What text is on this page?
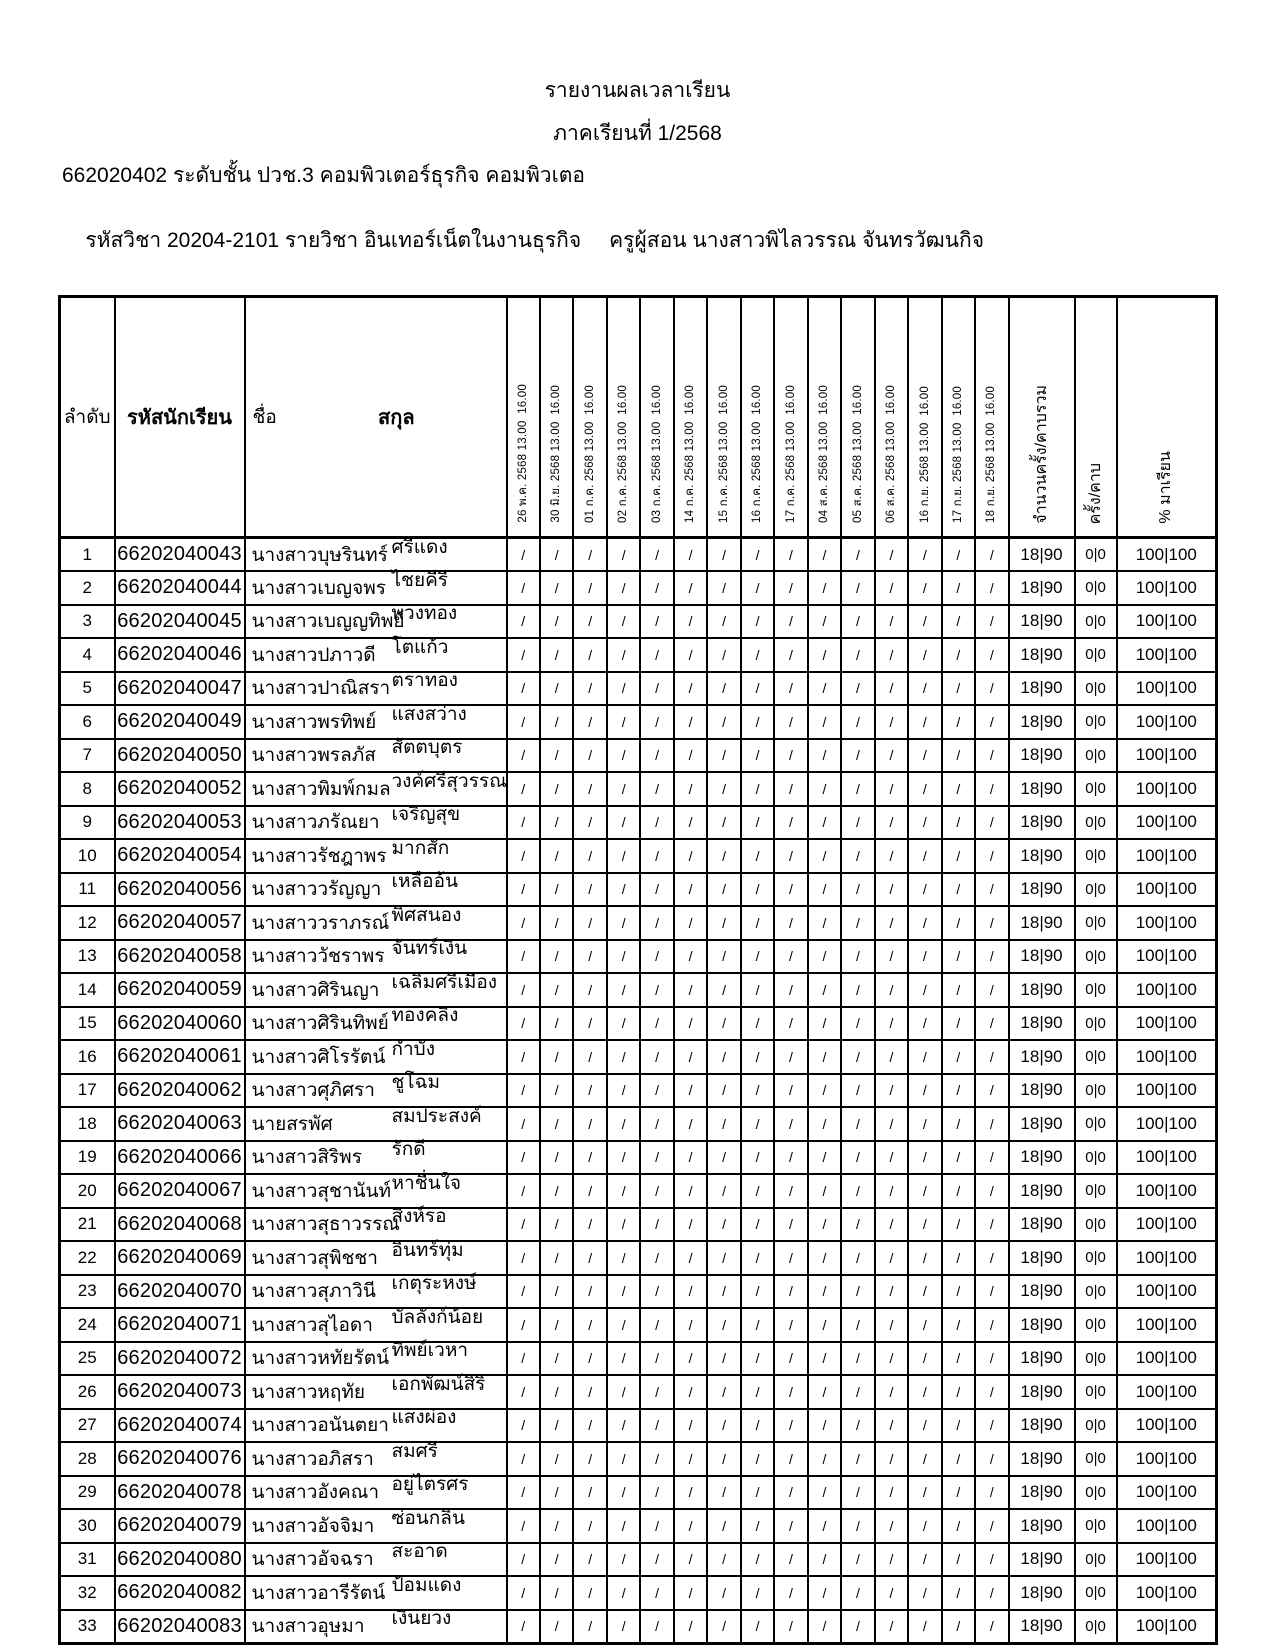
รายงานผลเวลาเรียน
ภาคเรียนที่ 1/2568
662020402 ระดับชั้น ปวช.3 คอมพิวเตอร์ธุรกิจ คอมพิวเตอ

รหัสวิชา 20204-2101 รายวิชา อินเทอร์เน็ตในงานธุรกิจ ครูผู้สอน นางสาวพิไลวรรณ จันทรวัฒนกิจ

ลำดับ	รหัสนักเรียน	ชื่อ สกุล	26 พ.ค. 2568 13.00  16.00	30 มิ.ย. 2568 13.00  16.00	01 ก.ค. 2568 13.00  16.00	02 ก.ค. 2568 13.00  16.00	03 ก.ค. 2568 13.00  16.00	14 ก.ค. 2568 13.00  16.00	15 ก.ค. 2568 13.00  16.00	16 ก.ค. 2568 13.00  16.00	17 ก.ค. 2568 13.00  16.00	04 ส.ค. 2568 13.00  16.00	05 ส.ค. 2568 13.00  16.00	06 ส.ค. 2568 13.00  16.00	16 ก.ย. 2568 13.00  16.00	17 ก.ย. 2568 13.00  16.00	18 ก.ย. 2568 13.00  16.00	จำนวนครั้ง/คาบรวม	ครั้ง/คาบ	% มาเรียน

1	66202040043	นางสาวบุษรินทร์ ศรีแดง	/	/	/	/	/	/	/	/	/	/	/	/	/	/	/	18|90	0|0	100|100
2	66202040044	นางสาวเบญจพร ไชยคีรี	/	/	/	/	/	/	/	/	/	/	/	/	/	/	/	18|90	0|0	100|100
3	66202040045	นางสาวเบญญทิพย์พวงทอง	/	/	/	/	/	/	/	/	/	/	/	/	/	/	/	18|90	0|0	100|100
4	66202040046	นางสาวปภาวดี โตแก้ว	/	/	/	/	/	/	/	/	/	/	/	/	/	/	/	18|90	0|0	100|100
5	66202040047	นางสาวปาณิสราตราทอง	/	/	/	/	/	/	/	/	/	/	/	/	/	/	/	18|90	0|0	100|100
6	66202040049	นางสาวพรทิพย์ แสงสว่าง	/	/	/	/	/	/	/	/	/	/	/	/	/	/	/	18|90	0|0	100|100
7	66202040050	นางสาวพรลภัส สัตตบุตร	/	/	/	/	/	/	/	/	/	/	/	/	/	/	/	18|90	0|0	100|100
8	66202040052	นางสาวพิมพ์กมลวงค์ศรีสุวรรณ	/	/	/	/	/	/	/	/	/	/	/	/	/	/	/	18|90	0|0	100|100
9	66202040053	นางสาวภรัณยา เจริญสุข	/	/	/	/	/	/	/	/	/	/	/	/	/	/	/	18|90	0|0	100|100
10	66202040054	นางสาวรัชฎาพร มากสัก	/	/	/	/	/	/	/	/	/	/	/	/	/	/	/	18|90	0|0	100|100
11	66202040056	นางสาววรัญญา เหลืออ้น	/	/	/	/	/	/	/	/	/	/	/	/	/	/	/	18|90	0|0	100|100
12	66202040057	นางสาววราภรณ์ พิศสนอง	/	/	/	/	/	/	/	/	/	/	/	/	/	/	/	18|90	0|0	100|100
13	66202040058	นางสาววัชราพร จันทร์เงิน	/	/	/	/	/	/	/	/	/	/	/	/	/	/	/	18|90	0|0	100|100
14	66202040059	นางสาวศิรินญา เฉลิมศรีเมือง	/	/	/	/	/	/	/	/	/	/	/	/	/	/	/	18|90	0|0	100|100
15	66202040060	นางสาวศิรินทิพย์ ทองคลิง	/	/	/	/	/	/	/	/	/	/	/	/	/	/	/	18|90	0|0	100|100
16	66202040061	นางสาวศิโรรัตน์ กำบัง	/	/	/	/	/	/	/	/	/	/	/	/	/	/	/	18|90	0|0	100|100
17	66202040062	นางสาวศุภิศรา ชูโฉม	/	/	/	/	/	/	/	/	/	/	/	/	/	/	/	18|90	0|0	100|100
18	66202040063	นายสรพัศ สมประสงค์	/	/	/	/	/	/	/	/	/	/	/	/	/	/	/	18|90	0|0	100|100
19	66202040066	นางสาวสิริพร รักดี	/	/	/	/	/	/	/	/	/	/	/	/	/	/	/	18|90	0|0	100|100
20	66202040067	นางสาวสุชานันท์หาชื่นใจ	/	/	/	/	/	/	/	/	/	/	/	/	/	/	/	18|90	0|0	100|100
21	66202040068	นางสาวสุธาวรรณสิงห์รอ	/	/	/	/	/	/	/	/	/	/	/	/	/	/	/	18|90	0|0	100|100
22	66202040069	นางสาวสุพิชชา อินทร์ทุ่ม	/	/	/	/	/	/	/	/	/	/	/	/	/	/	/	18|90	0|0	100|100
23	66202040070	นางสาวสุภาวินี เกตุระหงษ์	/	/	/	/	/	/	/	/	/	/	/	/	/	/	/	18|90	0|0	100|100
24	66202040071	นางสาวสุไอดา บัลลังก์น้อย	/	/	/	/	/	/	/	/	/	/	/	/	/	/	/	18|90	0|0	100|100
25	66202040072	นางสาวหทัยรัตน์ ทิพย์เวหา	/	/	/	/	/	/	/	/	/	/	/	/	/	/	/	18|90	0|0	100|100
26	66202040073	นางสาวหฤทัย เอกพัฒน์สิริ	/	/	/	/	/	/	/	/	/	/	/	/	/	/	/	18|90	0|0	100|100
27	66202040074	นางสาวอนันตยา แสงผ่อง	/	/	/	/	/	/	/	/	/	/	/	/	/	/	/	18|90	0|0	100|100
28	66202040076	นางสาวอภิสรา สมศรี	/	/	/	/	/	/	/	/	/	/	/	/	/	/	/	18|90	0|0	100|100
29	66202040078	นางสาวอังคณา อยู่ไตรศร	/	/	/	/	/	/	/	/	/	/	/	/	/	/	/	18|90	0|0	100|100
30	66202040079	นางสาวอัจจิมา ซ่อนกลิน	/	/	/	/	/	/	/	/	/	/	/	/	/	/	/	18|90	0|0	100|100
31	66202040080	นางสาวอัจฉรา สะอาด	/	/	/	/	/	/	/	/	/	/	/	/	/	/	/	18|90	0|0	100|100
32	66202040082	นางสาวอารีรัตน์ ป้อมแดง	/	/	/	/	/	/	/	/	/	/	/	/	/	/	/	18|90	0|0	100|100
33	66202040083	นางสาวอุษมา เงินยวง	/	/	/	/	/	/	/	/	/	/	/	/	/	/	/	18|90	0|0	100|100
